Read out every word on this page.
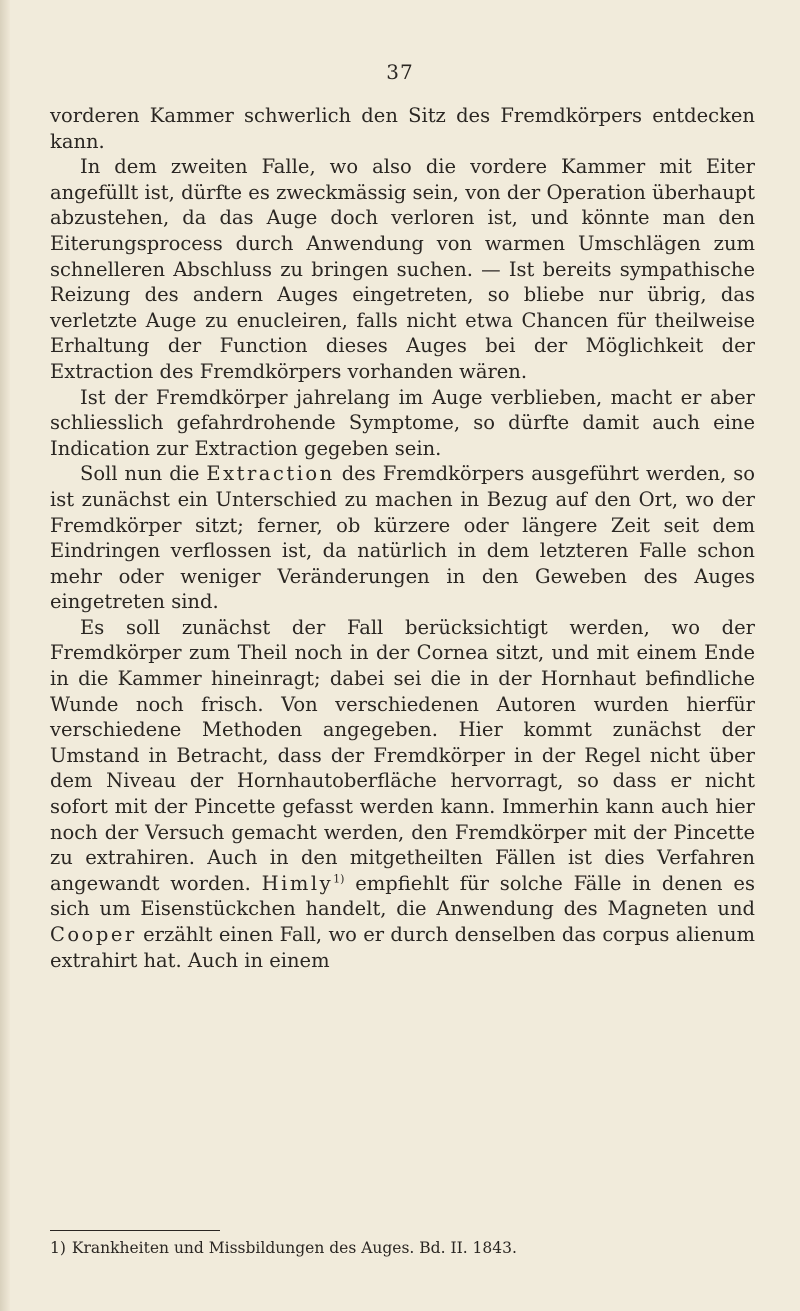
37

vorderen Kammer schwerlich den Sitz des Fremdkörpers entdecken kann.

In dem zweiten Falle, wo also die vordere Kammer mit Eiter angefüllt ist, dürfte es zweckmässig sein, von der Operation überhaupt abzustehen, da das Auge doch verloren ist, und könnte man den Eiterungsprocess durch Anwendung von warmen Umschlägen zum schnelleren Abschluss zu bringen suchen. — Ist bereits sympathische Reizung des andern Auges eingetreten, so bliebe nur übrig, das verletzte Auge zu enucleiren, falls nicht etwa Chancen für theilweise Erhaltung der Function dieses Auges bei der Möglichkeit der Extraction des Fremdkörpers vorhanden wären.

Ist der Fremdkörper jahrelang im Auge verblieben, macht er aber schliesslich gefahrdrohende Symptome, so dürfte damit auch eine Indication zur Extraction gegeben sein.

Soll nun die Extraction des Fremdkörpers ausgeführt werden, so ist zunächst ein Unterschied zu machen in Bezug auf den Ort, wo der Fremdkörper sitzt; ferner, ob kürzere oder längere Zeit seit dem Eindringen verflossen ist, da natürlich in dem letzteren Falle schon mehr oder weniger Veränderungen in den Geweben des Auges eingetreten sind.

Es soll zunächst der Fall berücksichtigt werden, wo der Fremdkörper zum Theil noch in der Cornea sitzt, und mit einem Ende in die Kammer hineinragt; dabei sei die in der Hornhaut befindliche Wunde noch frisch. Von verschiedenen Autoren wurden hierfür verschiedene Methoden angegeben. Hier kommt zunächst der Umstand in Betracht, dass der Fremdkörper in der Regel nicht über dem Niveau der Hornhautoberfläche hervorragt, so dass er nicht sofort mit der Pincette gefasst werden kann. Immerhin kann auch hier noch der Versuch gemacht werden, den Fremdkörper mit der Pincette zu extrahiren. Auch in den mitgetheilten Fällen ist dies Verfahren angewandt worden. Himly$^{1)}$ empfiehlt für solche Fälle in denen es sich um Eisenstückchen handelt, die Anwendung des Magneten und Cooper erzählt einen Fall, wo er durch denselben das corpus alienum extrahirt hat. Auch in einem

1) Krankheiten und Missbildungen des Auges. Bd. II. 1843.
